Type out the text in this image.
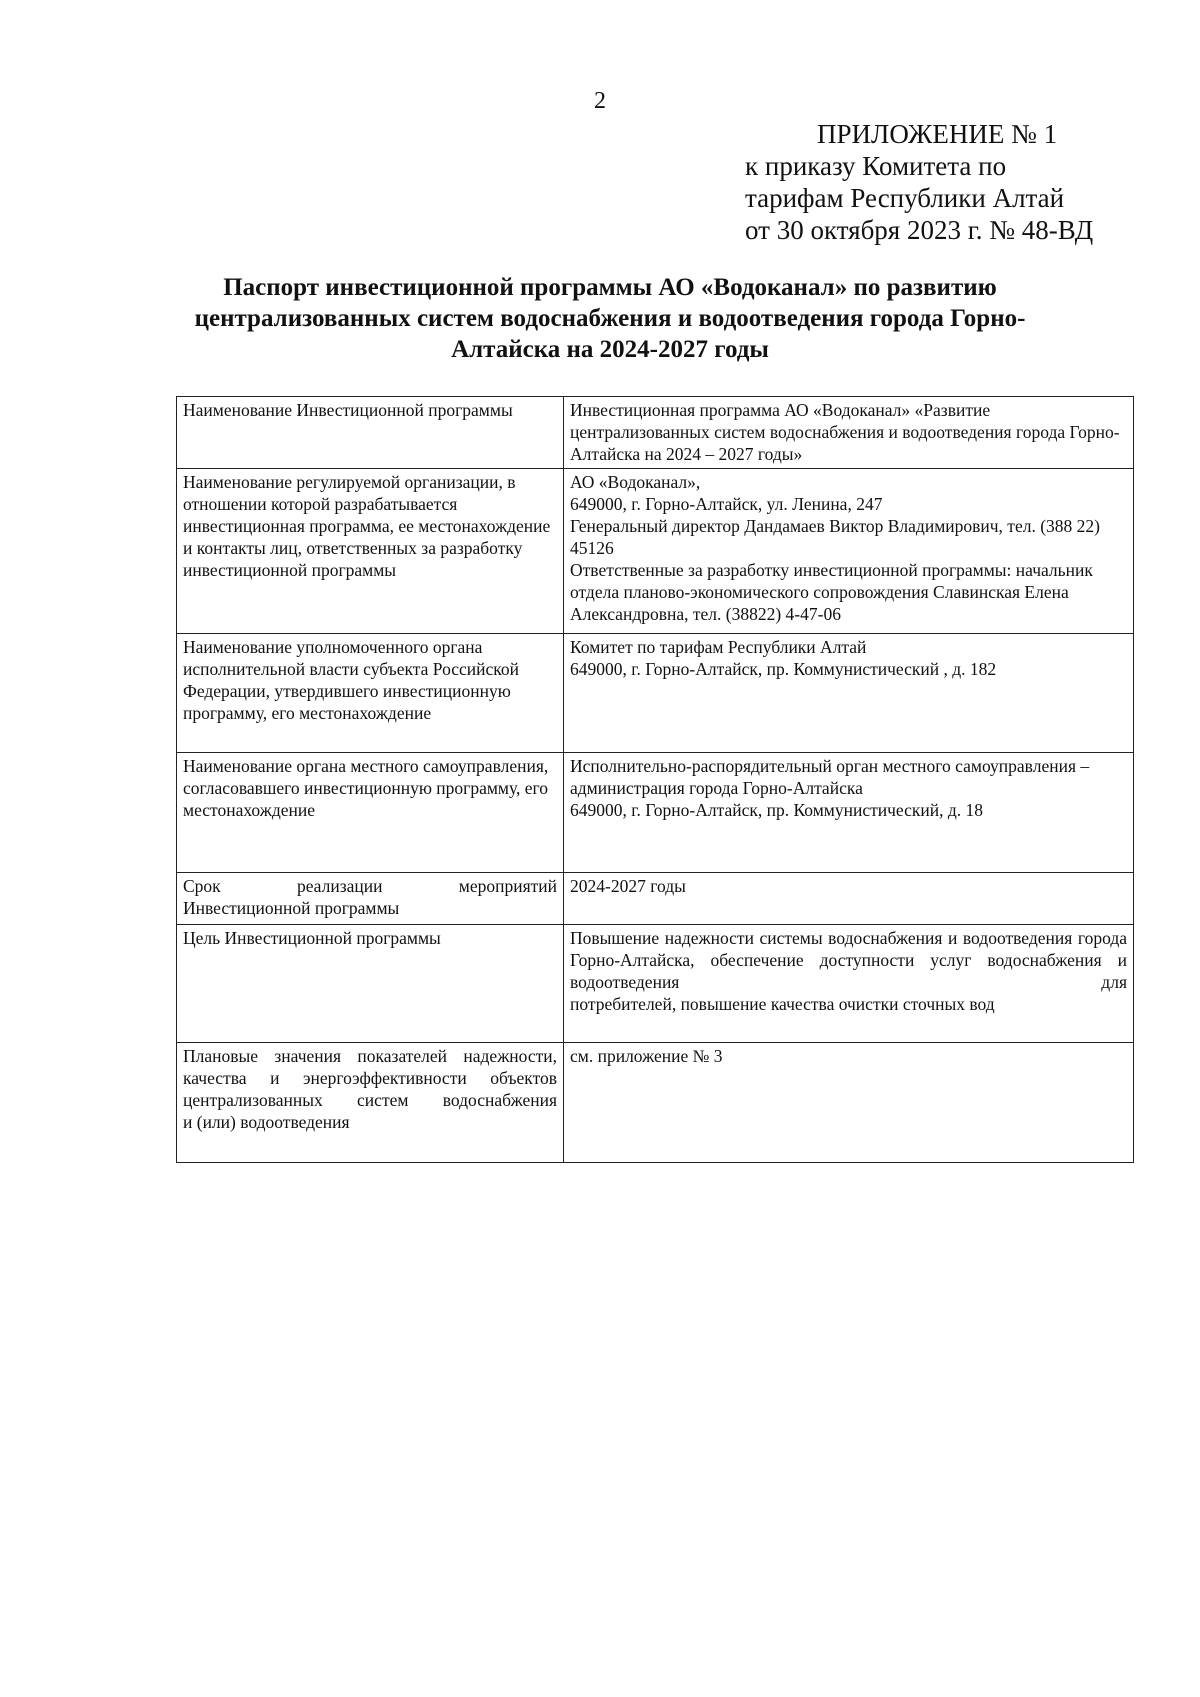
2
ПРИЛОЖЕНИЕ № 1
к приказу Комитета по
тарифам Республики Алтай
от 30 октября 2023 г. № 48-ВД
Паспорт инвестиционной программы АО «Водоканал» по развитию
централизованных систем водоснабжения и водоотведения города Горно-
Алтайска на 2024-2027 годы
Наименование Инвестиционной программы	Инвестиционная программа АО «Водоканал» «Развитие централизованных систем водоснабжения и водоотведения города Горно-Алтайска на 2024 – 2027 годы»
Наименование регулируемой организации, в отношении которой разрабатывается инвестиционная программа, ее местонахождение и контакты лиц, ответственных за разработку инвестиционной программы	АО «Водоканал»,
649000, г. Горно-Алтайск, ул. Ленина, 247
Генеральный директор Дандамаев Виктор Владимирович, тел. (388 22) 45126
Ответственные за разработку инвестиционной программы: начальник отдела планово-экономического сопровождения Славинская Елена Александровна, тел. (38822) 4-47-06

Наименование уполномоченного органа исполнительной власти субъекта Российской Федерации, утвердившего инвестиционную программу, его местонахождение	Комитет по тарифам Республики Алтай
649000, г. Горно-Алтайск, пр. Коммунистический , д. 182

Наименование органа местного самоуправления, согласовавшего инвестиционную программу, его местонахождение	Исполнительно-распорядительный орган местного самоуправления – администрация города Горно-Алтайска
649000, г. Горно-Алтайск, пр. Коммунистический, д. 18

Срок реализации мероприятий
Инвестиционной программы	2024-2027 годы
Цель Инвестиционной программы	Повышение надежности системы водоснабжения и водоотведения города Горно-Алтайска, обеспечение доступности услуг водоснабжения и водоотведения для
потребителей, повышение качества очистки сточных вод

Плановые значения показателей надежности, качества и энергоэффективности объектов централизованных систем водоснабжения
и (или) водоотведения	см. приложение № 3
